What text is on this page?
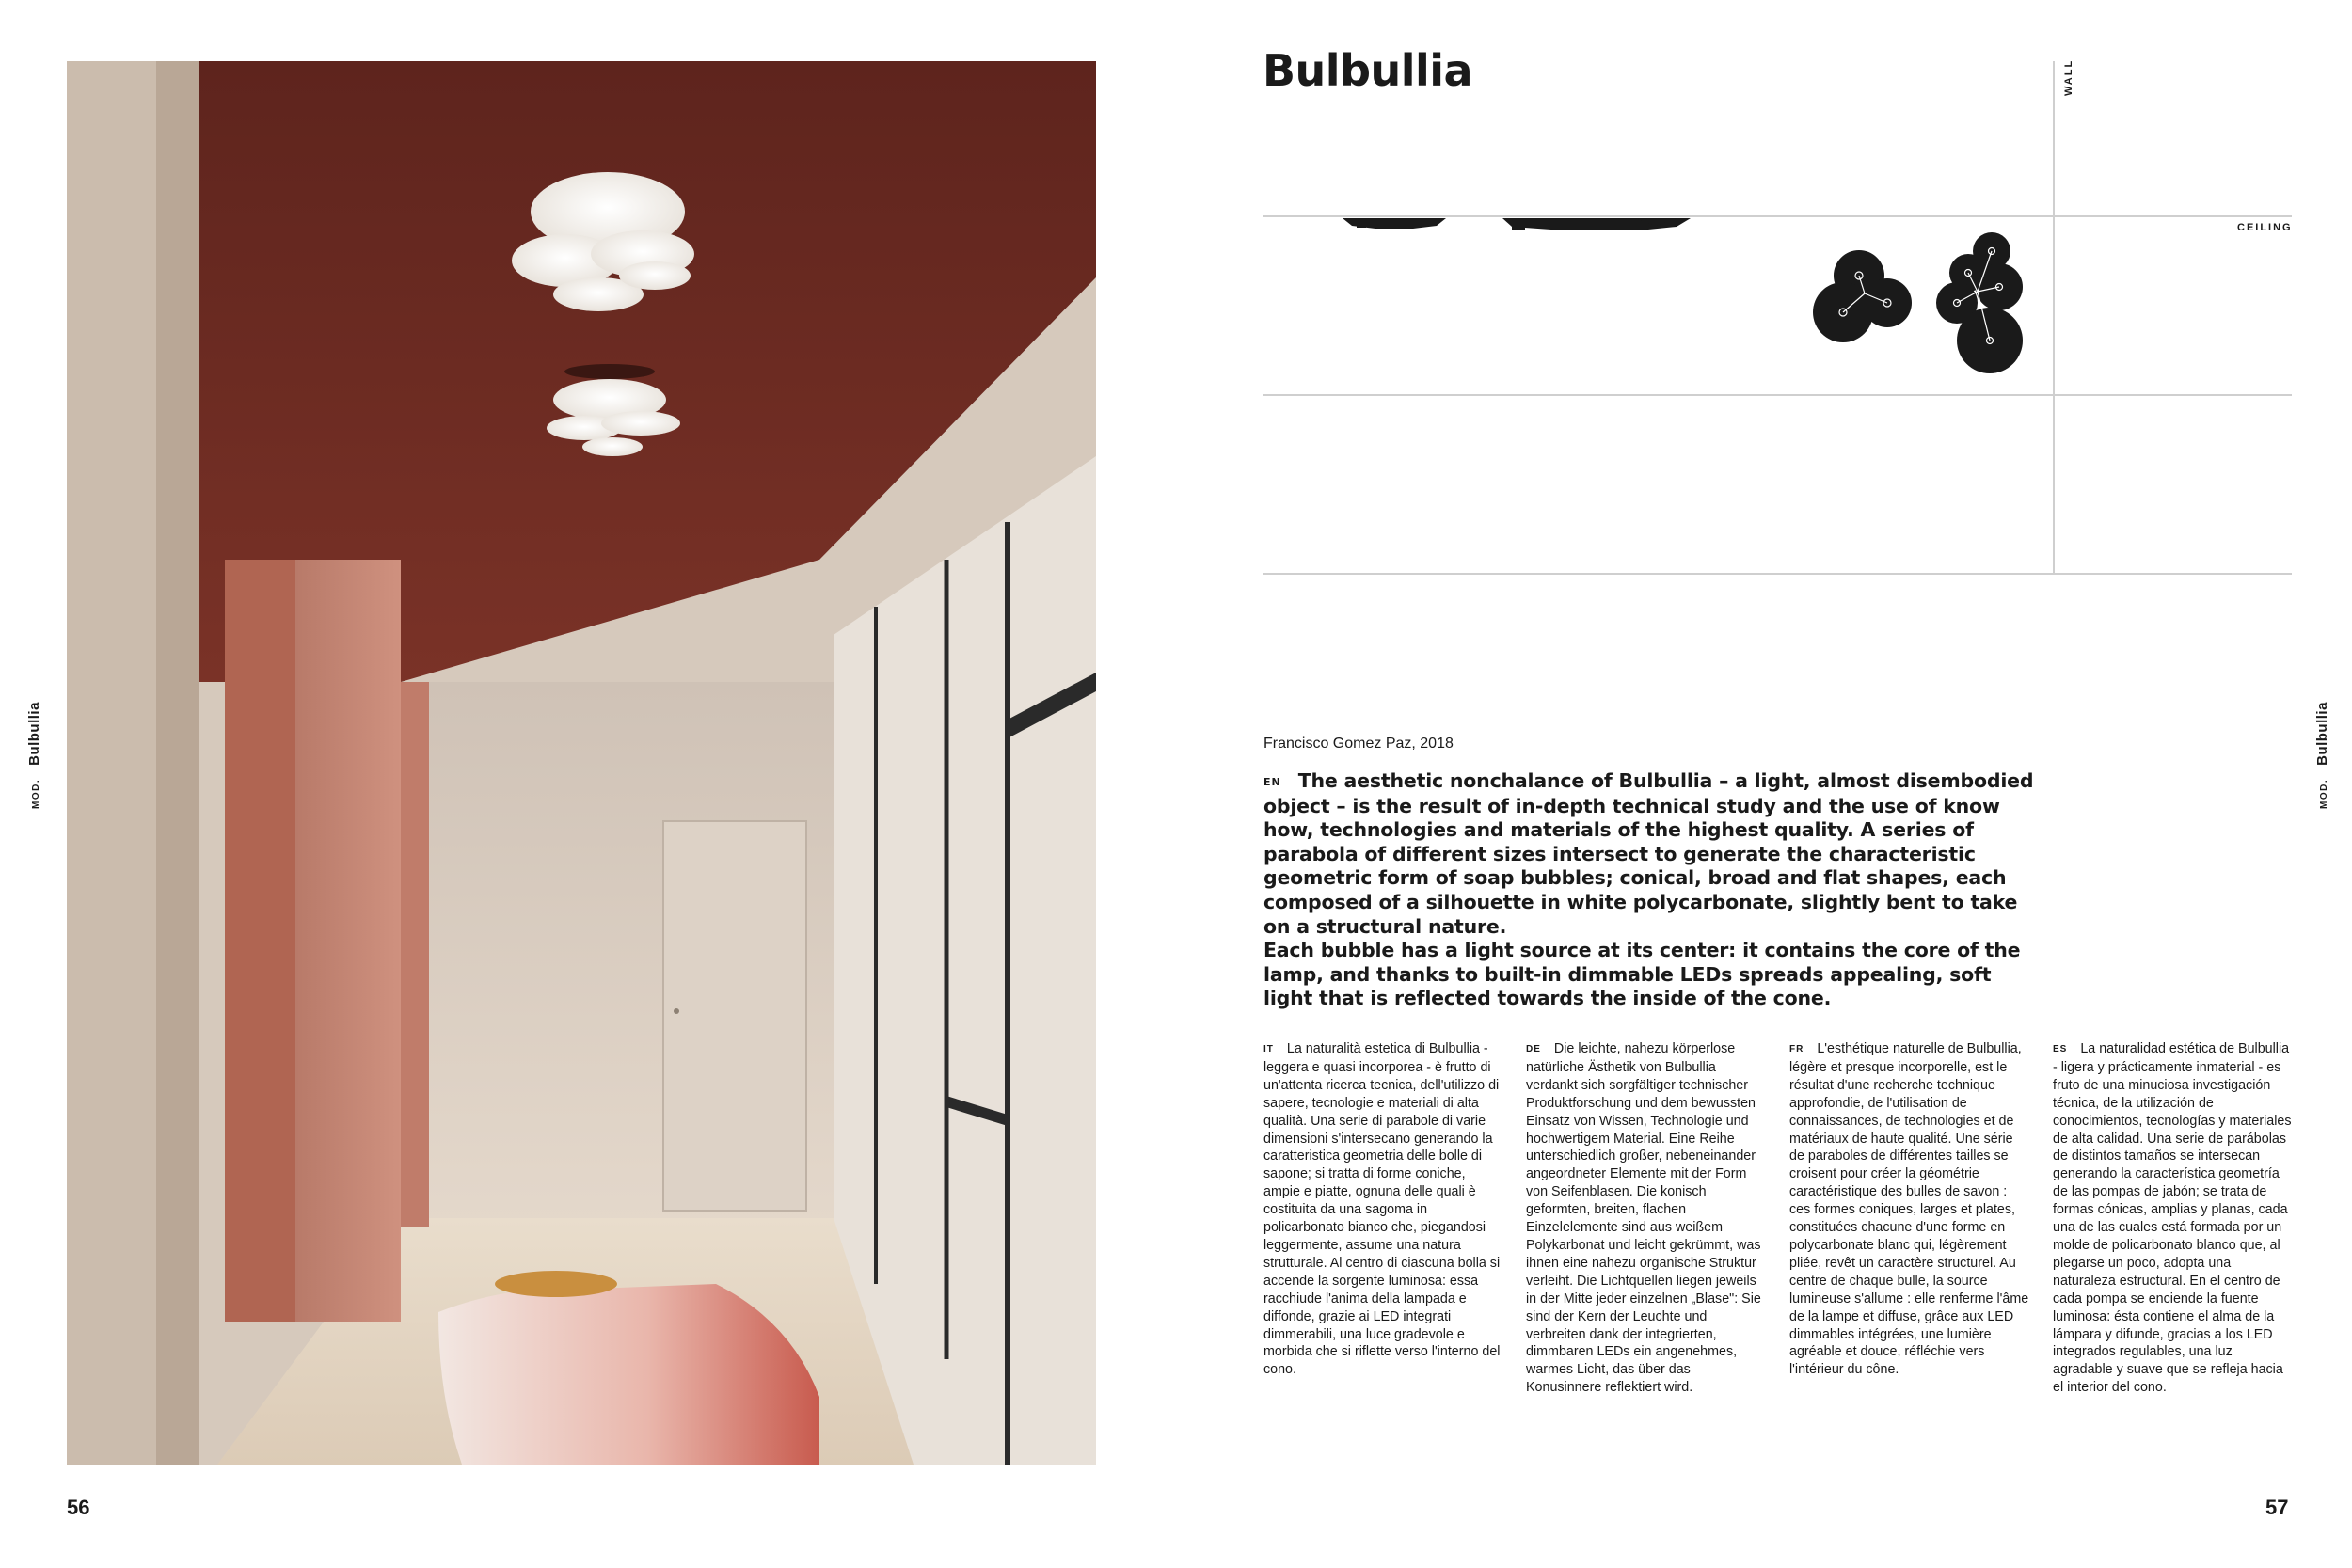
MOD.Bulbullia
56
Bulbullia	WALL
CEILING
Francisco Gomez Paz, 2018
EN The aesthetic nonchalance of Bulbullia – a light, almost disembodied object – is the result of in-depth technical study and the use of know how, technologies and materials of the highest quality. A series of parabola of different sizes intersect to generate the characteristic geometric form of soap bubbles; conical, broad and flat shapes, each composed of a silhouette in white polycarbonate, slightly bent to take on a structural nature.
Each bubble has a light source at its center: it contains the core of the lamp, and thanks to built-in dimmable LEDs spreads appealing, soft light that is reflected towards the inside of the cone.
IT La naturalità estetica di Bulbullia - leggera e quasi incorporea - è frutto di un'attenta ricerca tecnica, dell'utilizzo di sapere, tecnologie e materiali di alta qualità. Una serie di parabole di varie dimensioni s'intersecano generando la caratteristica geometria delle bolle di sapone; si tratta di forme coniche, ampie e piatte, ognuna delle quali è costituita da una sagoma in policarbonato bianco che, piegandosi leggermente, assume una natura strutturale. Al centro di ciascuna bolla si accende la sorgente luminosa: essa racchiude l'anima della lampada e diffonde, grazie ai LED integrati dimmerabili, una luce gradevole e morbida che si riflette verso l'interno del cono.
DE Die leichte, nahezu körperlose natürliche Ästhetik von Bulbullia verdankt sich sorgfältiger technischer Produktforschung und dem bewussten Einsatz von Wissen, Technologie und hochwertigem Material. Eine Reihe unterschiedlich großer, nebeneinander angeordneter Elemente mit der Form von Seifenblasen. Die konisch geformten, breiten, flachen Einzelelemente sind aus weißem Polykarbonat und leicht gekrümmt, was ihnen eine nahezu organische Struktur verleiht. Die Lichtquellen liegen jeweils in der Mitte jeder einzelnen „Blase": Sie sind der Kern der Leuchte und verbreiten dank der integrierten, dimmbaren LEDs ein angenehmes, warmes Licht, das über das Konusinnere reflektiert wird.
FR L'esthétique naturelle de Bulbullia, légère et presque incorporelle, est le résultat d'une recherche technique approfondie, de l'utilisation de connaissances, de technologies et de matériaux de haute qualité. Une série de paraboles de différentes tailles se croisent pour créer la géométrie caractéristique des bulles de savon : ces formes coniques, larges et plates, constituées chacune d'une forme en polycarbonate blanc qui, légèrement pliée, revêt un caractère structurel. Au centre de chaque bulle, la source lumineuse s'allume : elle renferme l'âme de la lampe et diffuse, grâce aux LED dimmables intégrées, une lumière agréable et douce, réfléchie vers l'intérieur du cône.
ES La naturalidad estética de Bulbullia - ligera y prácticamente inmaterial - es fruto de una minuciosa investigación técnica, de la utilización de conocimientos, tecnologías y materiales de alta calidad. Una serie de parábolas de distintos tamaños se intersecan generando la característica geometría de las pompas de jabón; se trata de formas cónicas, amplias y planas, cada una de las cuales está formada por un molde de policarbonato blanco que, al plegarse un poco, adopta una naturaleza estructural. En el centro de cada pompa se enciende la fuente luminosa: ésta contiene el alma de la lámpara y difunde, gracias a los LED integrados regulables, una luz agradable y suave que se refleja hacia el interior del cono.
MOD.Bulbullia
57
